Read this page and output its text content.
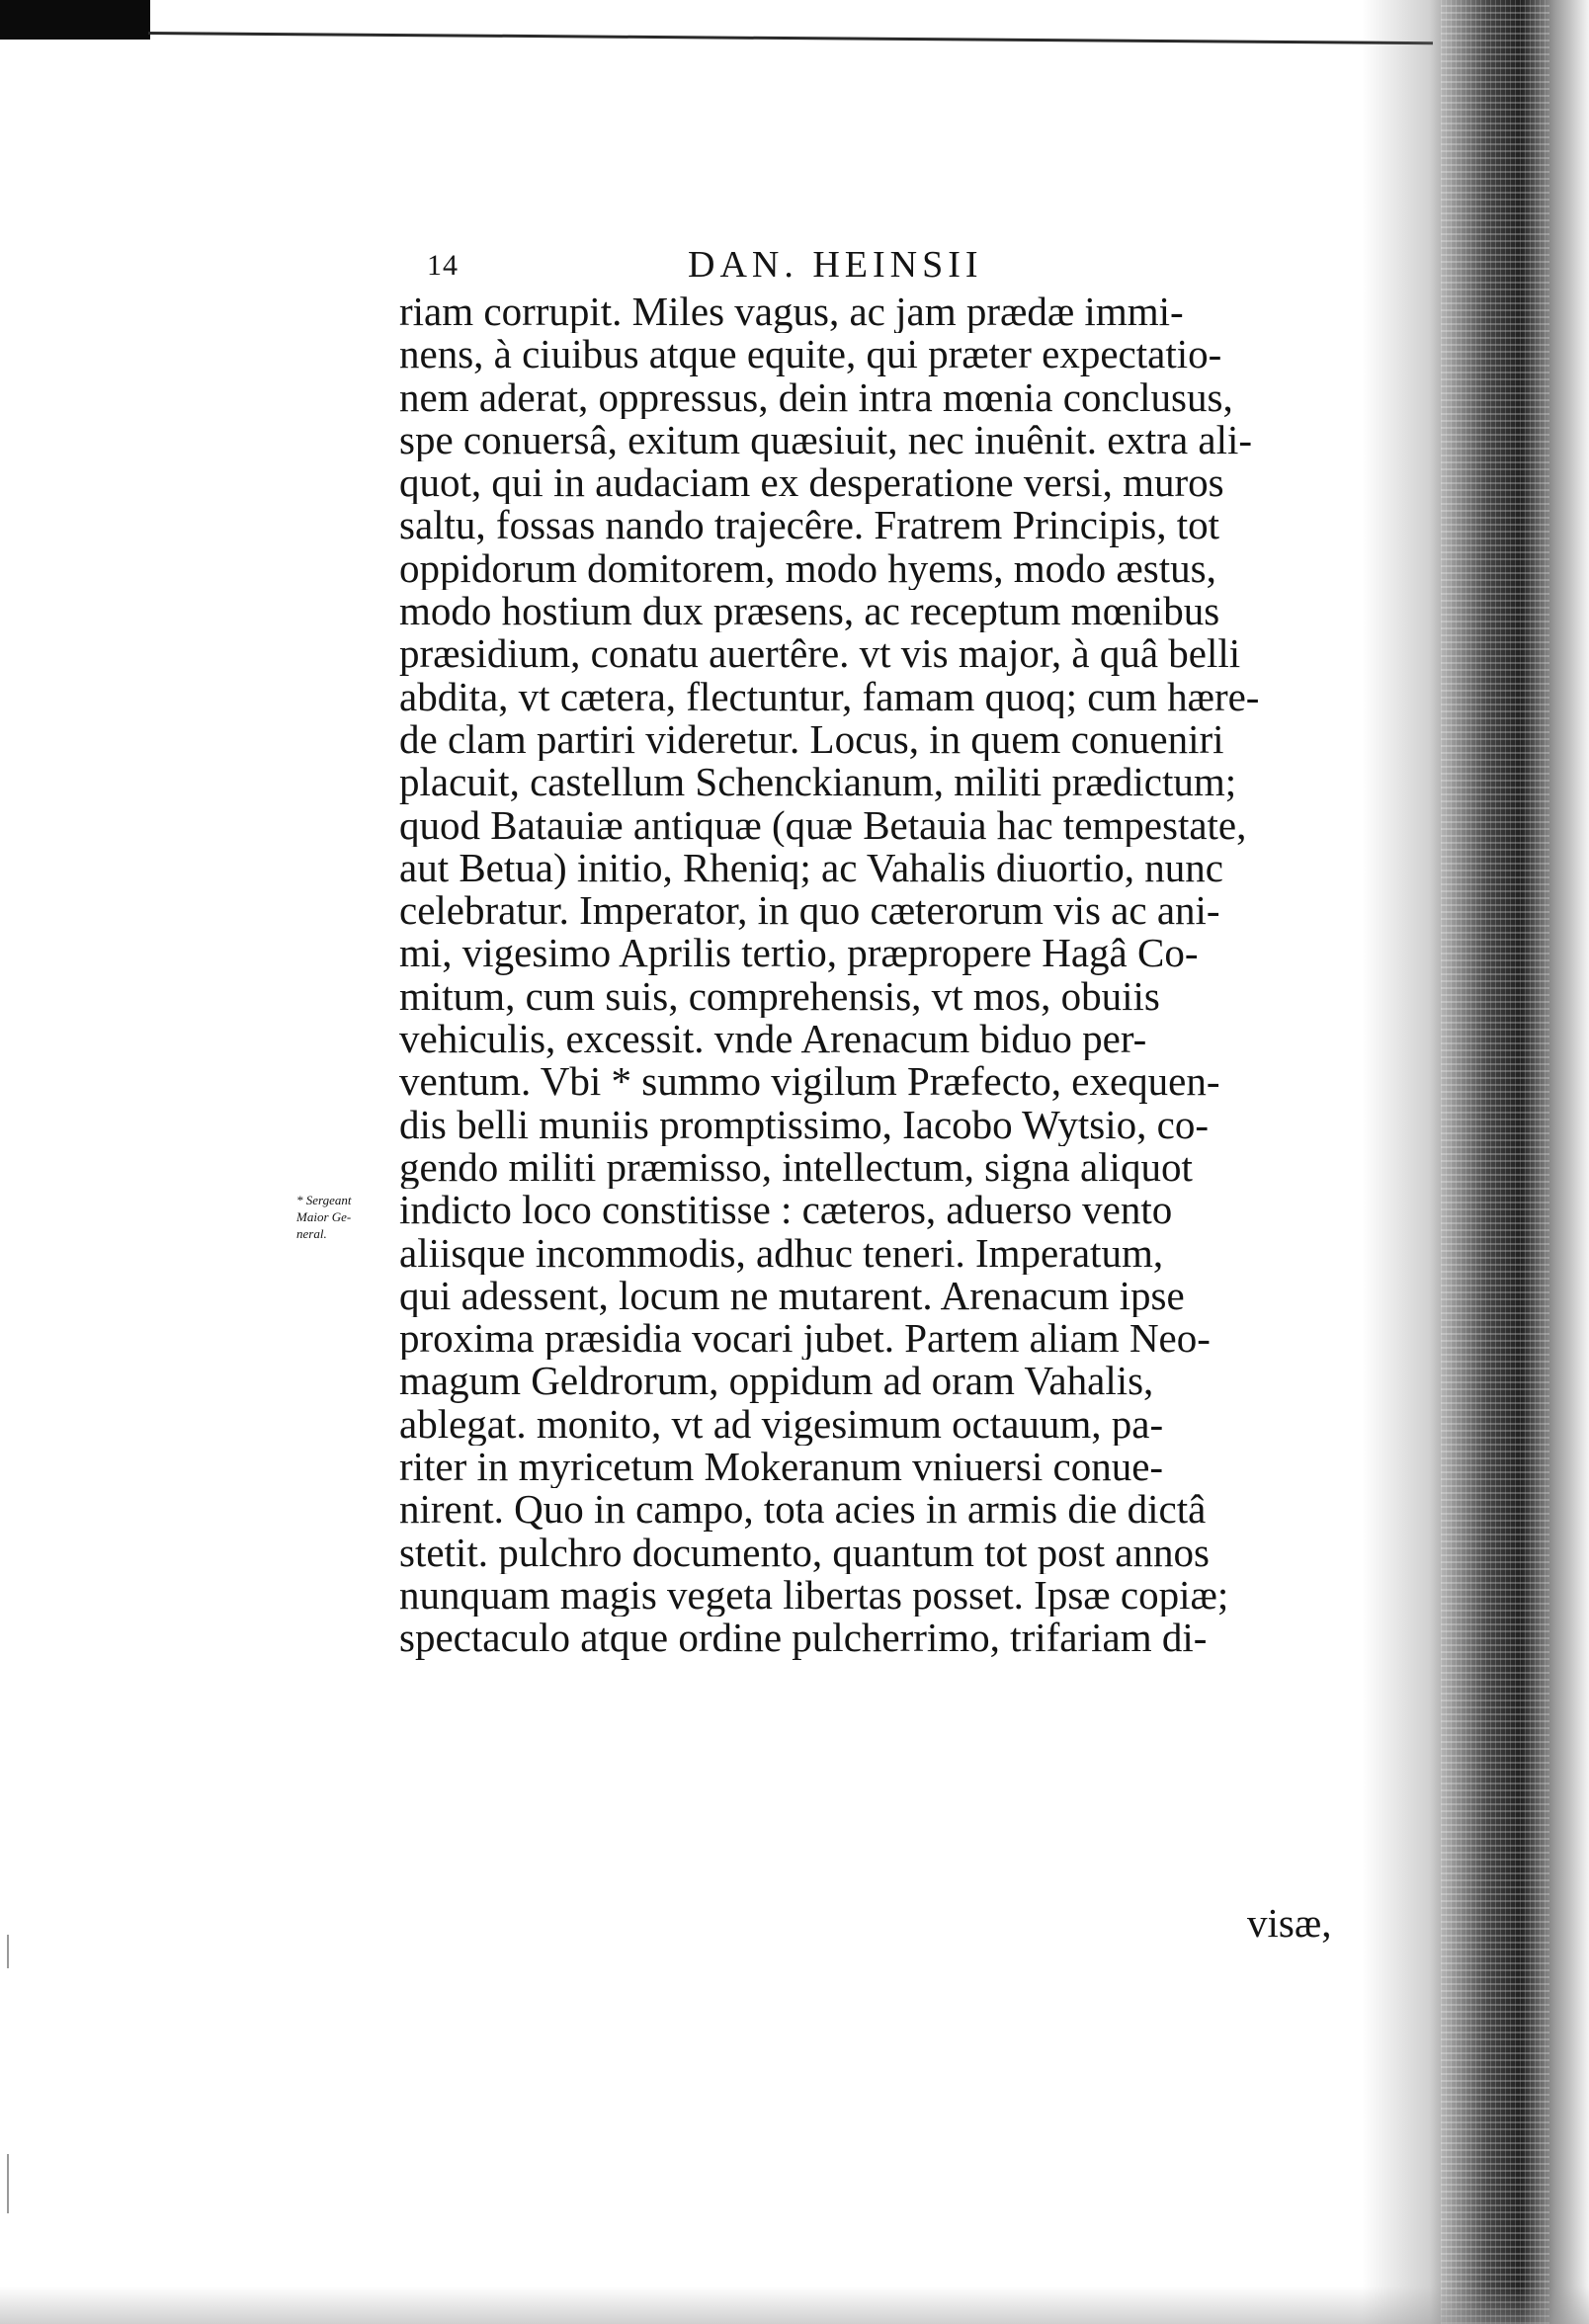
14	DAN. HEINSII
* Sergeant
Maior Ge-
neral.
riam corrupit. Miles vagus, ac jam prædæ immi-
nens, à ciuibus atque equite, qui præter expectatio-
nem aderat, oppressus, dein intra mœnia conclusus,
spe conuersâ, exitum quæsiuit, nec inuênit. extra ali-
quot, qui in audaciam ex desperatione versi, muros
saltu, fossas nando trajecêre. Fratrem Principis, tot
oppidorum domitorem, modo hyems, modo æstus,
modo hostium dux præsens, ac receptum mœnibus
præsidium, conatu auertêre. vt vis major, à quâ belli
abdita, vt cætera, flectuntur, famam quoq; cum hære-
de clam partiri videretur. Locus, in quem conueniri
placuit, castellum Schenckianum, militi prædictum;
quod Batauiæ antiquæ (quæ Betauia hac tempestate,
aut Betua) initio, Rheniq; ac Vahalis diuortio, nunc
celebratur. Imperator, in quo cæterorum vis ac ani-
mi, vigesimo Aprilis tertio, præpropere Hagâ Co-
mitum, cum suis, comprehensis, vt mos, obuiis
vehiculis, excessit. vnde Arenacum biduo per-
ventum. Vbi * summo vigilum Præfecto, exequen-
dis belli muniis promptissimo, Iacobo Wytsio, co-
gendo militi præmisso, intellectum, signa aliquot
indicto loco constitisse : cæteros, aduerso vento
aliisque incommodis, adhuc teneri. Imperatum,
qui adessent, locum ne mutarent. Arenacum ipse
proxima præsidia vocari jubet. Partem aliam Neo-
magum Geldrorum, oppidum ad oram Vahalis,
ablegat. monito, vt ad vigesimum octauum, pa-
riter in myricetum Mokeranum vniuersi conue-
nirent. Quo in campo, tota acies in armis die dictâ
stetit. pulchro documento, quantum tot post annos
nunquam magis vegeta libertas posset. Ipsæ copiæ;
spectaculo atque ordine pulcherrimo, trifariam di-
visæ,
